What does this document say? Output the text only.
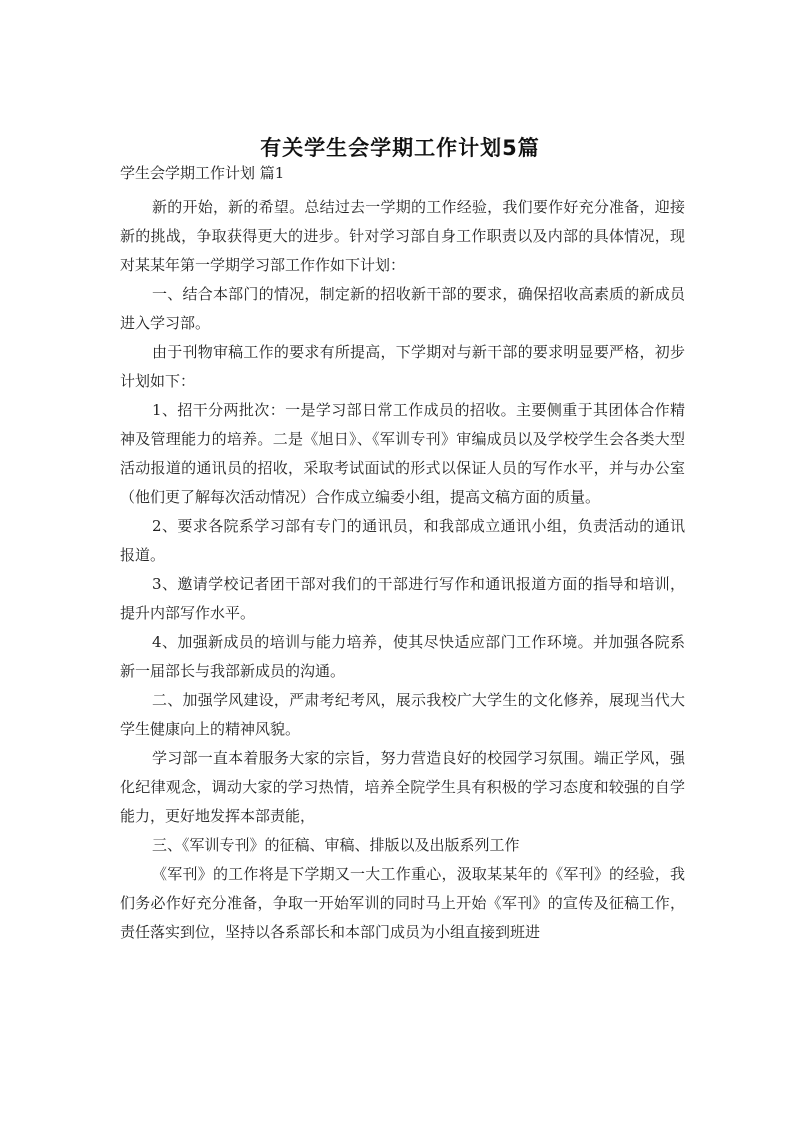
有关学生会学期工作计划5篇
学生会学期工作计划 篇1

新的开始，新的希望。总结过去一学期的工作经验，我们要作好充分准备，迎接新的挑战，争取获得更大的进步。针对学习部自身工作职责以及内部的具体情况，现对某某年第一学期学习部工作作如下计划：

一、结合本部门的情况，制定新的招收新干部的要求，确保招收高素质的新成员进入学习部。

由于刊物审稿工作的要求有所提高，下学期对与新干部的要求明显要严格，初步计划如下：

1、招干分两批次：一是学习部日常工作成员的招收。主要侧重于其团体合作精神及管理能力的培养。二是《旭日》、《军训专刊》审编成员以及学校学生会各类大型活动报道的通讯员的招收，采取考试面试的形式以保证人员的写作水平，并与办公室（他们更了解每次活动情况）合作成立编委小组，提高文稿方面的质量。

2、要求各院系学习部有专门的通讯员，和我部成立通讯小组，负责活动的通讯报道。

3、邀请学校记者团干部对我们的干部进行写作和通讯报道方面的指导和培训，提升内部写作水平。

4、加强新成员的培训与能力培养，使其尽快适应部门工作环境。并加强各院系新一届部长与我部新成员的沟通。

二、加强学风建设，严肃考纪考风，展示我校广大学生的文化修养，展现当代大学生健康向上的精神风貌。

学习部一直本着服务大家的宗旨，努力营造良好的校园学习氛围。端正学风，强化纪律观念，调动大家的学习热情，培养全院学生具有积极的学习态度和较强的自学能力，更好地发挥本部责能，

三、《军训专刊》的征稿、审稿、排版以及出版系列工作

《军刊》的工作将是下学期又一大工作重心，汲取某某年的《军刊》的经验，我们务必作好充分准备，争取一开始军训的同时马上开始《军刊》的宣传及征稿工作，责任落实到位，坚持以各系部长和本部门成员为小组直接到班进
